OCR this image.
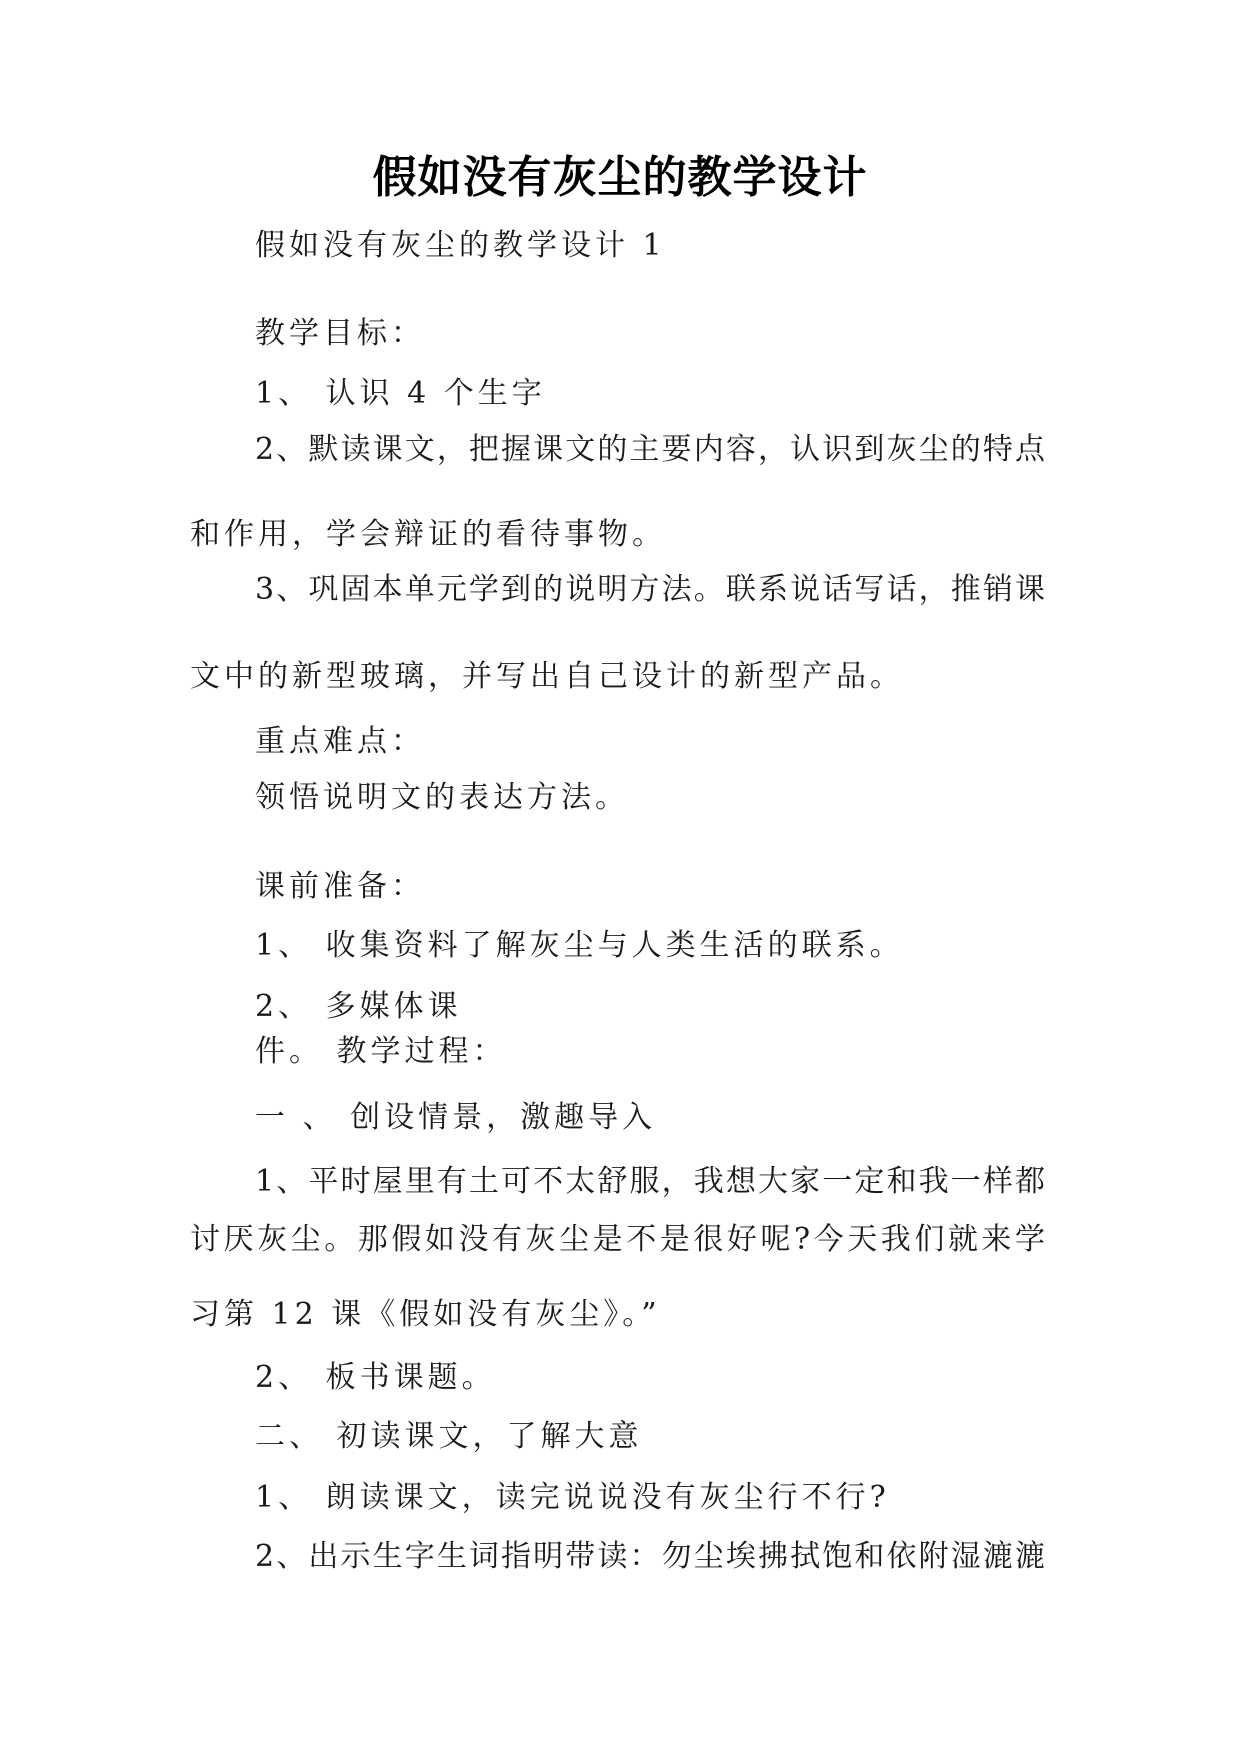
假如没有灰尘的教学设计
假如没有灰尘的教学设计 1
教学目标：
1、 认识 4 个生字
2、默读课文，把握课文的主要内容，认识到灰尘的特点
和作用，学会辩证的看待事物。
3、巩固本单元学到的说明方法。联系说话写话，推销课
文中的新型玻璃，并写出自己设计的新型产品。
重点难点：
领悟说明文的表达方法。
课前准备：
1、 收集资料了解灰尘与人类生活的联系。
2、 多媒体课
件。 教学过程：
一 、 创设情景，激趣导入
1、平时屋里有土可不太舒服，我想大家一定和我一样都
讨厌灰尘。那假如没有灰尘是不是很好呢?今天我们就来学
习第 12 课《假如没有灰尘》。”
2、 板书课题。
二、 初读课文，了解大意
1、 朗读课文，读完说说没有灰尘行不行?
2、出示生字生词指明带读：勿尘埃拂拭饱和依附湿漉漉
